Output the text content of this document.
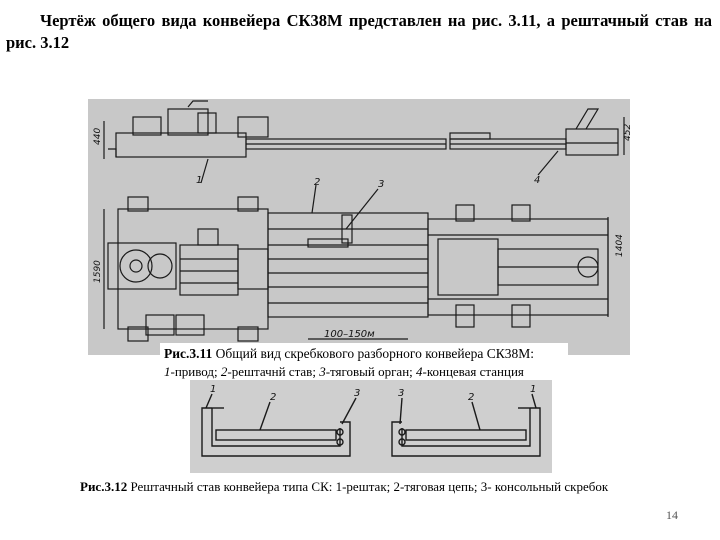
Чертёж общего вида конвейера СК38М представлен на рис. 3.11, а рештачный став на рис. 3.12
1	2	3	4
440	452
1590
1404
100–150м
Рис.3.11 Общий вид скребкового разборного конвейера СК38М:
1-привод; 2-рештачнй став; 3-тяговый орган; 4-концевая станция
1
2	3	1
2
3
Рис.3.12 Рештачный став конвейера типа СК: 1-рештак; 2-тяговая цепь; 3- консольный скребок
14
